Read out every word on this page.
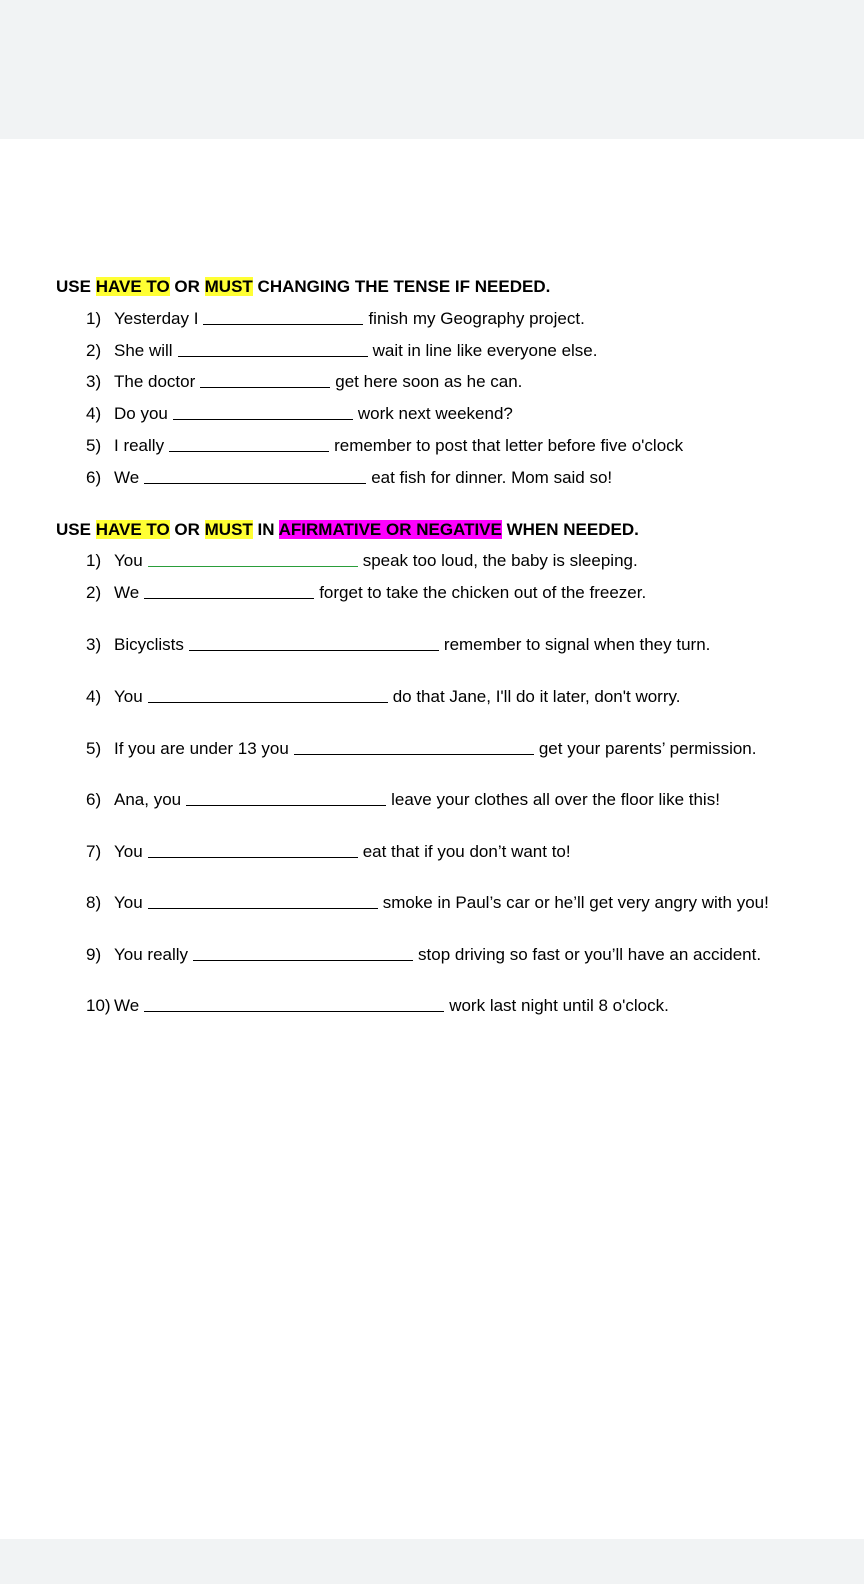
USE HAVE TO OR MUST CHANGING THE TENSE IF NEEDED.
1) Yesterday I	finish my Geography project.
2) She will	wait in line like everyone else.
3) The doctor	get here soon as he can.
4) Do you	work next weekend?
5) I really	remember to post that letter before five o'clock
6) We	eat fish for dinner. Mom said so!
USE HAVE TO OR MUST IN AFIRMATIVE OR NEGATIVE WHEN NEEDED.
1) You	speak too loud, the baby is sleeping.
2) We	forget to take the chicken out of the freezer.
3) Bicyclists	remember to signal when they turn.
4) You	do that Jane, I'll do it later, don't worry.
5) If you are under 13 you	get your parents’ permission.
6) Ana, you	leave your clothes all over the floor like this!
7) You	eat that if you don’t want to!
8) You	smoke in Paul’s car or he’ll get very angry with you!
9) You really	stop driving so fast or you’ll have an accident.
10) We	work last night until 8 o'clock.
